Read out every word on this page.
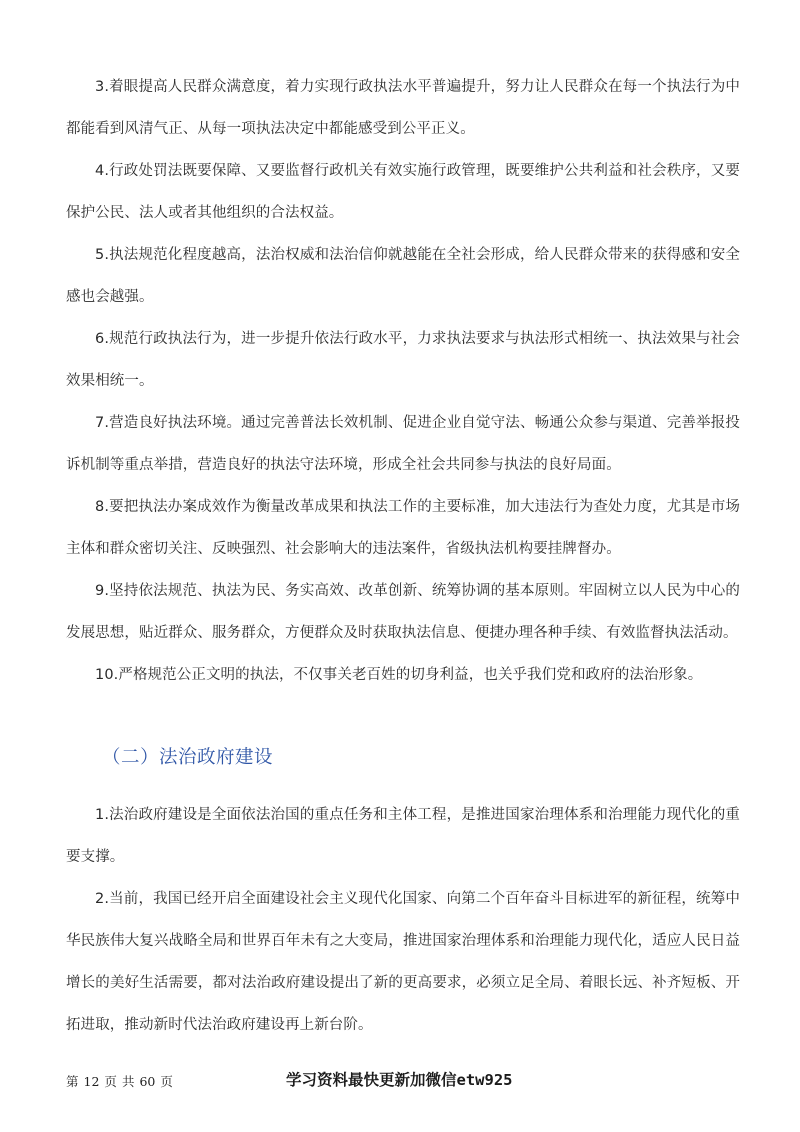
3.着眼提高人民群众满意度，着力实现行政执法水平普遍提升，努力让人民群众在每一个执法行为中都能看到风清气正、从每一项执法决定中都能感受到公平正义。

4.行政处罚法既要保障、又要监督行政机关有效实施行政管理，既要维护公共利益和社会秩序，又要保护公民、法人或者其他组织的合法权益。

5.执法规范化程度越高，法治权威和法治信仰就越能在全社会形成，给人民群众带来的获得感和安全感也会越强。

6.规范行政执法行为，进一步提升依法行政水平，力求执法要求与执法形式相统一、执法效果与社会效果相统一。

7.营造良好执法环境。通过完善普法长效机制、促进企业自觉守法、畅通公众参与渠道、完善举报投诉机制等重点举措，营造良好的执法守法环境，形成全社会共同参与执法的良好局面。

8.要把执法办案成效作为衡量改革成果和执法工作的主要标准，加大违法行为查处力度，尤其是市场主体和群众密切关注、反映强烈、社会影响大的违法案件，省级执法机构要挂牌督办。

9.坚持依法规范、执法为民、务实高效、改革创新、统筹协调的基本原则。牢固树立以人民为中心的发展思想，贴近群众、服务群众，方便群众及时获取执法信息、便捷办理各种手续、有效监督执法活动。

10.严格规范公正文明的执法，不仅事关老百姓的切身利益，也关乎我们党和政府的法治形象。

（二）法治政府建设

1.法治政府建设是全面依法治国的重点任务和主体工程，是推进国家治理体系和治理能力现代化的重要支撑。

2.当前，我国已经开启全面建设社会主义现代化国家、向第二个百年奋斗目标进军的新征程，统筹中华民族伟大复兴战略全局和世界百年未有之大变局，推进国家治理体系和治理能力现代化，适应人民日益增长的美好生活需要，都对法治政府建设提出了新的更高要求，必须立足全局、着眼长远、补齐短板、开拓进取，推动新时代法治政府建设再上新台阶。

第 12 页 共 60 页	学习资料最快更新加微信etw925
